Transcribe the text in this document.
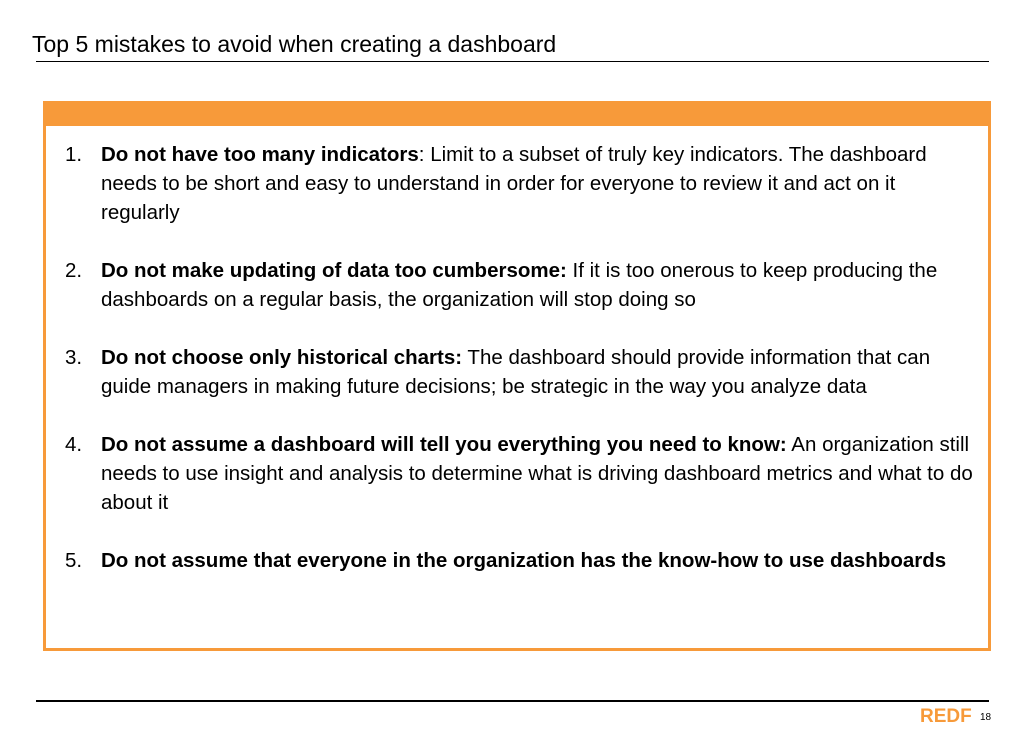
Top 5 mistakes to avoid when creating a dashboard
1. Do not have too many indicators: Limit to a subset of truly key indicators. The dashboard needs to be short and easy to understand in order for everyone to review it and act on it regularly
2. Do not make updating of data too cumbersome: If it is too onerous to keep producing the dashboards on a regular basis, the organization will stop doing so
3. Do not choose only historical charts: The dashboard should provide information that can guide managers in making future decisions; be strategic in the way you analyze data
4. Do not assume a dashboard will tell you everything you need to know: An organization still needs to use insight and analysis to determine what is driving dashboard metrics and what to do about it
5. Do not assume that everyone in the organization has the know-how to use dashboards
REDF 18
